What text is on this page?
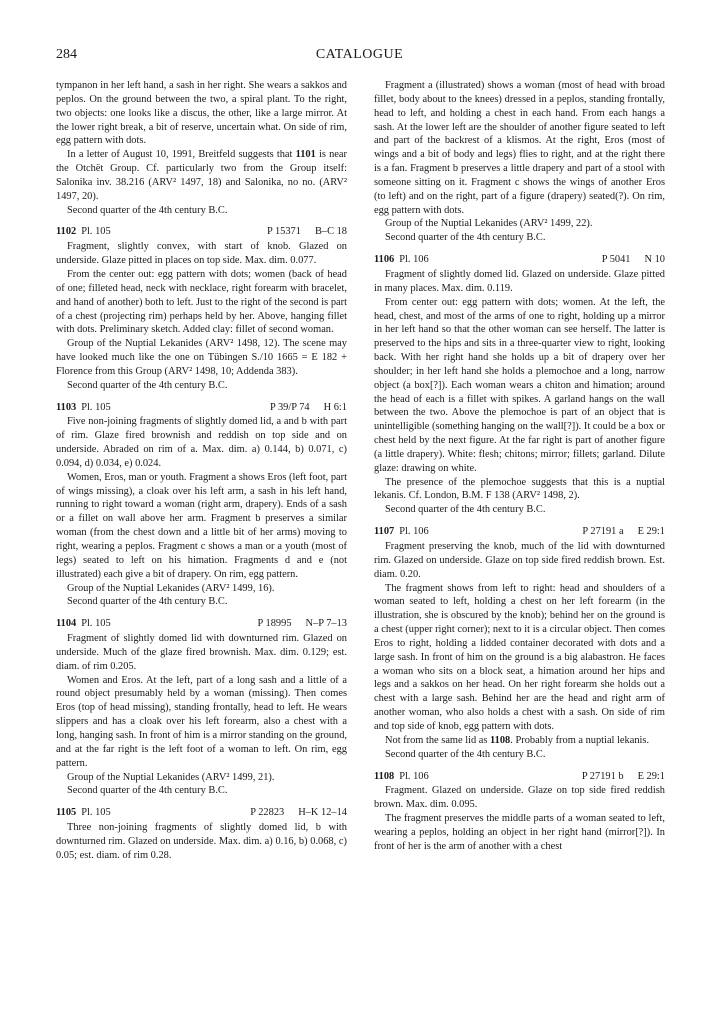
284	CATALOGUE

tympanon in her left hand, a sash in her right. She wears a sakkos and peplos. On the ground between the two, a spiral plant. To the right, two objects: one looks like a discus, the other, like a large mirror. At the lower right break, a bit of reserve, uncertain what. On side of rim, egg pattern with dots.

In a letter of August 10, 1991, Breitfeld suggests that 1101 is near the Otchët Group. Cf. particularly two from the Group itself: Salonika inv. 38.216 (ARV² 1497, 18) and Salonika, no no. (ARV² 1497, 20).

Second quarter of the 4th century B.C.

1102 Pl. 105	P 15371 B–C 18

Fragment, slightly convex, with start of knob. Glazed on underside. Glaze pitted in places on top side. Max. dim. 0.077.

From the center out: egg pattern with dots; women (back of head of one; filleted head, neck with necklace, right forearm with bracelet, and hand of another) both to left. Just to the right of the second is part of a chest (projecting rim) perhaps held by her. Above, hanging fillet with dots. Preliminary sketch. Added clay: fillet of second woman.

Group of the Nuptial Lekanides (ARV² 1498, 12). The scene may have looked much like the one on Tübingen S./10 1665 = E 182 + Florence from this Group (ARV² 1498, 10; Addenda 383).

Second quarter of the 4th century B.C.

1103 Pl. 105	P 39/P 74 H 6:1

Five non-joining fragments of slightly domed lid, a and b with part of rim. Glaze fired brownish and reddish on top side and on underside. Abraded on rim of a. Max. dim. a) 0.144, b) 0.071, c) 0.094, d) 0.034, e) 0.024.

Women, Eros, man or youth. Fragment a shows Eros (left foot, part of wings missing), a cloak over his left arm, a sash in his left hand, running to right toward a woman (right arm, drapery). Ends of a sash or a fillet on wall above her arm. Fragment b preserves a similar woman (from the chest down and a little bit of her arms) moving to right, wearing a peplos. Fragment c shows a man or a youth (most of legs) seated to left on his himation. Fragments d and e (not illustrated) each give a bit of drapery. On rim, egg pattern.

Group of the Nuptial Lekanides (ARV² 1499, 16).

Second quarter of the 4th century B.C.

1104 Pl. 105	P 18995 N–P 7–13

Fragment of slightly domed lid with downturned rim. Glazed on underside. Much of the glaze fired brownish. Max. dim. 0.129; est. diam. of rim 0.205.

Women and Eros. At the left, part of a long sash and a little of a round object presumably held by a woman (missing). Then comes Eros (top of head missing), standing frontally, head to left. He wears slippers and has a cloak over his left forearm, also a chest with a long, hanging sash. In front of him is a mirror standing on the ground, and at the far right is the left foot of a woman to left. On rim, egg pattern.

Group of the Nuptial Lekanides (ARV² 1499, 21).

Second quarter of the 4th century B.C.

1105 Pl. 105	P 22823 H–K 12–14

Three non-joining fragments of slightly domed lid, b with downturned rim. Glazed on underside. Max. dim. a) 0.16, b) 0.068, c) 0.05; est. diam. of rim 0.28.

Fragment a (illustrated) shows a woman (most of head with broad fillet, body about to the knees) dressed in a peplos, standing frontally, head to left, and holding a chest in each hand. From each hangs a sash. At the lower left are the shoulder of another figure seated to left and part of the backrest of a klismos. At the right, Eros (most of wings and a bit of body and legs) flies to right, and at the right there is a fan. Fragment b preserves a little drapery and part of a stool with someone sitting on it. Fragment c shows the wings of another Eros (to left) and on the right, part of a figure (drapery) seated(?). On rim, egg pattern with dots.

Group of the Nuptial Lekanides (ARV² 1499, 22).

Second quarter of the 4th century B.C.

1106 Pl. 106	P 5041 N 10

Fragment of slightly domed lid. Glazed on underside. Glaze pitted in many places. Max. dim. 0.119.

From center out: egg pattern with dots; women. At the left, the head, chest, and most of the arms of one to right, holding up a mirror in her left hand so that the other woman can see herself. The latter is preserved to the hips and sits in a three-quarter view to right, looking back. With her right hand she holds up a bit of drapery over her shoulder; in her left hand she holds a plemochoe and a long, narrow object (a box[?]). Each woman wears a chiton and himation; around the head of each is a fillet with spikes. A garland hangs on the wall between the two. Above the plemochoe is part of an object that is unintelligible (something hanging on the wall[?]). It could be a box or chest held by the next figure. At the far right is part of another figure (a little drapery). White: flesh; chitons; mirror; fillets; garland. Dilute glaze: drawing on white.

The presence of the plemochoe suggests that this is a nuptial lekanis. Cf. London, B.M. F 138 (ARV² 1498, 2).

Second quarter of the 4th century B.C.

1107 Pl. 106	P 27191 a E 29:1

Fragment preserving the knob, much of the lid with downturned rim. Glazed on underside. Glaze on top side fired reddish brown. Est. diam. 0.20.

The fragment shows from left to right: head and shoulders of a woman seated to left, holding a chest on her left forearm (in the illustration, she is obscured by the knob); behind her on the ground is a chest (upper right corner); next to it is a circular object. Then comes Eros to right, holding a lidded container decorated with dots and a large sash. In front of him on the ground is a big alabastron. He faces a woman who sits on a block seat, a himation around her hips and legs and a sakkos on her head. On her right forearm she holds out a chest with a large sash. Behind her are the head and right arm of another woman, who also holds a chest with a sash. On side of rim and top side of knob, egg pattern with dots.

Not from the same lid as 1108. Probably from a nuptial lekanis.

Second quarter of the 4th century B.C.

1108 Pl. 106	P 27191 b E 29:1

Fragment. Glazed on underside. Glaze on top side fired reddish brown. Max. dim. 0.095.

The fragment preserves the middle parts of a woman seated to left, wearing a peplos, holding an object in her right hand (mirror[?]). In front of her is the arm of another with a chest
